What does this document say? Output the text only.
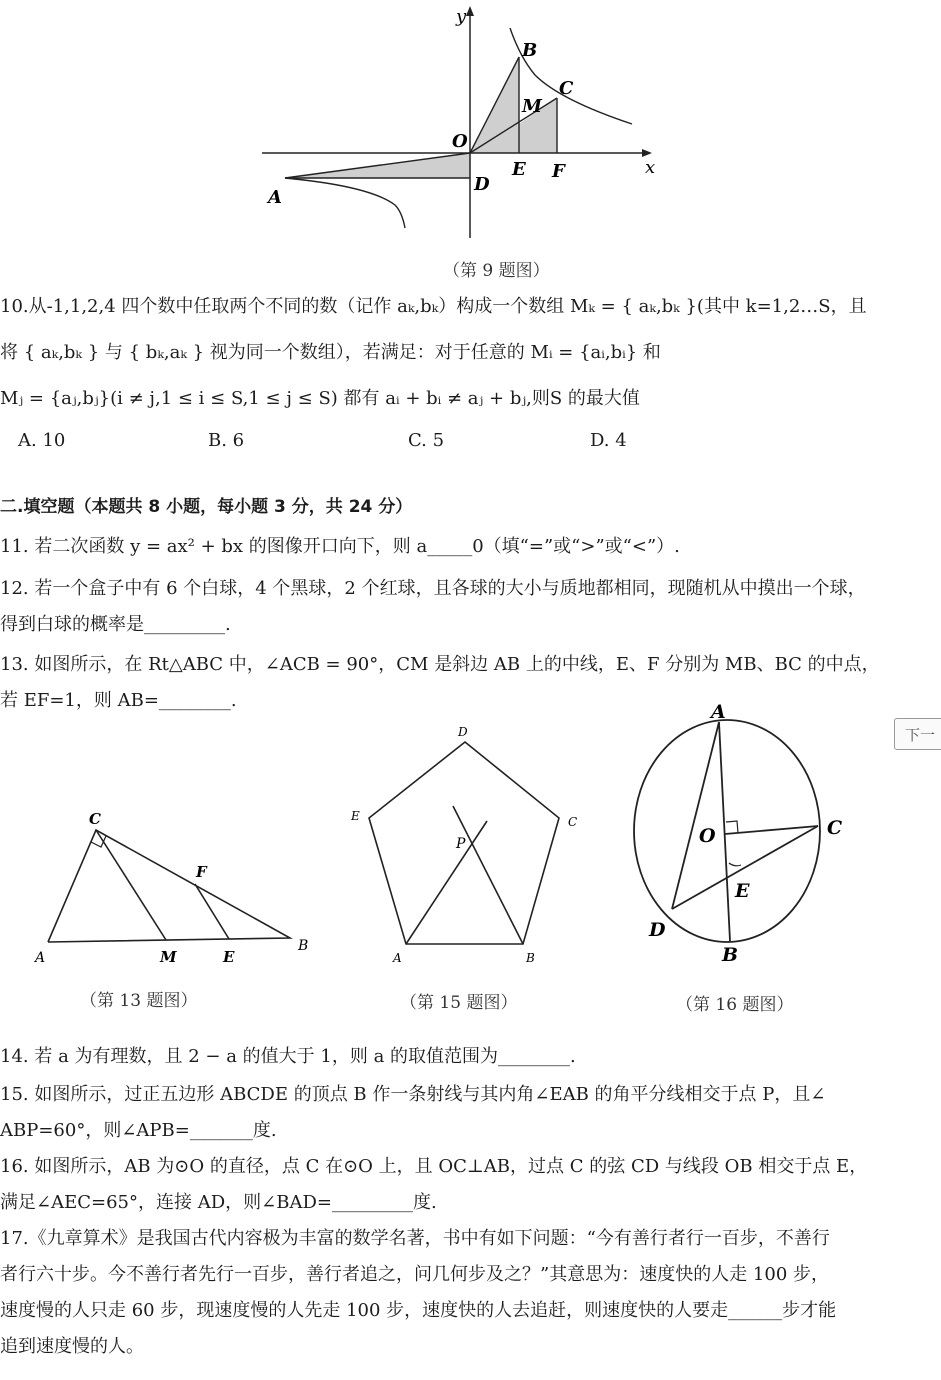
y
x
O
A
B
C
M
E F
D
（第 9 题图）
10.从-1,1,2,4 四个数中任取两个不同的数（记作 aₖ,bₖ）构成一个数组 Mₖ = { aₖ,bₖ }(其中 k=1,2…S，且
将 { aₖ,bₖ } 与 { bₖ,aₖ } 视为同一个数组），若满足：对于任意的 Mᵢ = {aᵢ,bᵢ} 和
Mⱼ = {aⱼ,bⱼ}(i ≠ j,1 ≤ i ≤ S,1 ≤ j ≤ S) 都有 aᵢ + bᵢ ≠ aⱼ + bⱼ,则S 的最大值
A. 10	B. 6	C. 5	D. 4
二.填空题（本题共 8 小题，每小题 3 分，共 24 分）
11. 若二次函数 y = ax² + bx 的图像开口向下，则 a_____0（填“=”或“>”或“<”）.
12. 若一个盒子中有 6 个白球，4 个黑球，2 个红球，且各球的大小与质地都相同，现随机从中摸出一个球，
得到白球的概率是_________.
13. 如图所示，在 Rt△ABC 中，∠ACB = 90°，CM 是斜边 AB 上的中线，E、F 分别为 MB、BC 的中点，
若 EF=1，则 AB=________.
下一
C
F
A	M	E
B
（第 13 题图）
D
E	C
P
A	B
（第 15 题图）
A
O	C
E
D
B
（第 16 题图）
14. 若 a 为有理数，且 2 − a 的值大于 1，则 a 的取值范围为________.
15. 如图所示，过正五边形 ABCDE 的顶点 B 作一条射线与其内角∠EAB 的角平分线相交于点 P，且∠
ABP=60°，则∠APB=_______度.
16. 如图所示，AB 为⊙O 的直径，点 C 在⊙O 上，且 OC⊥AB，过点 C 的弦 CD 与线段 OB 相交于点 E，
满足∠AEC=65°，连接 AD，则∠BAD=_________度.
17.《九章算术》是我国古代内容极为丰富的数学名著，书中有如下问题：“今有善行者行一百步，不善行
者行六十步。今不善行者先行一百步，善行者追之，问几何步及之？”其意思为：速度快的人走 100 步，
速度慢的人只走 60 步，现速度慢的人先走 100 步，速度快的人去追赶，则速度快的人要走______步才能
追到速度慢的人。
